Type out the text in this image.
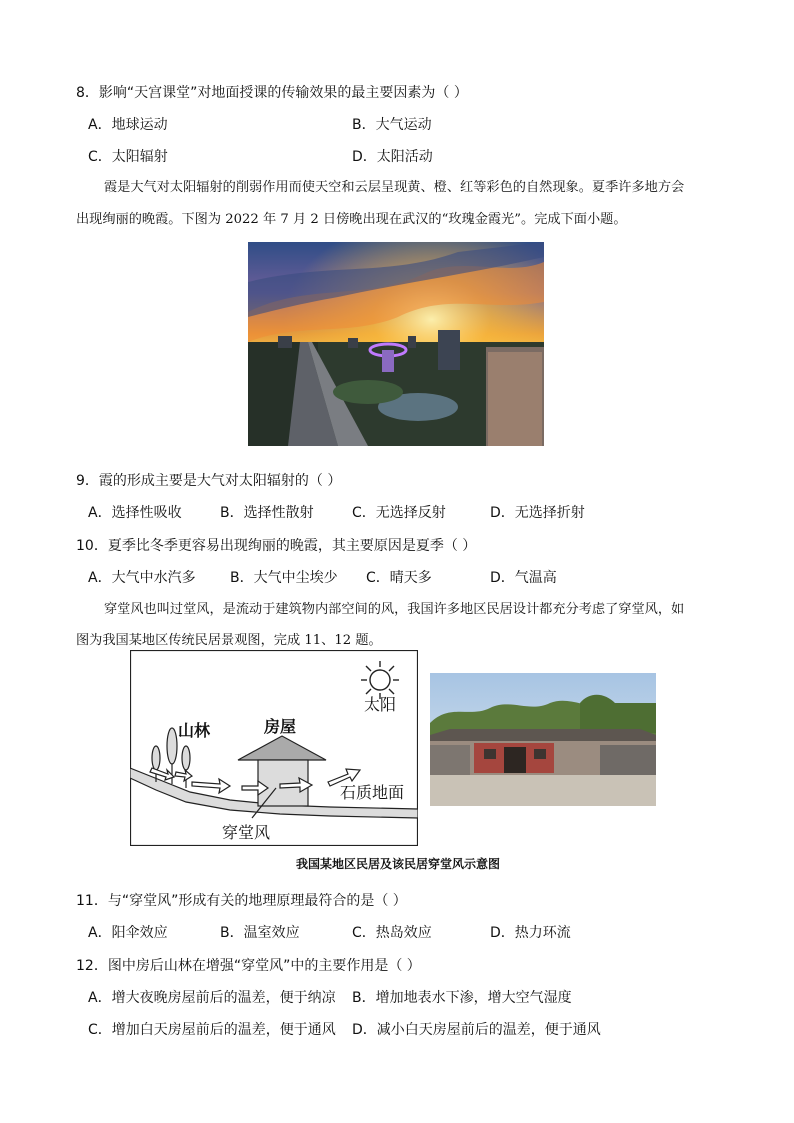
8．影响“天宫课堂”对地面授课的传输效果的最主要因素为（ ）
A．地球运动	B．大气运动
C．太阳辐射	D．太阳活动
霞是大气对太阳辐射的削弱作用而使天空和云层呈现黄、橙、红等彩色的自然现象。夏季许多地方会
出现绚丽的晚霞。下图为 2022 年 7 月 2 日傍晚出现在武汉的“玫瑰金霞光”。完成下面小题。
9．霞的形成主要是大气对太阳辐射的（ ）
A．选择性吸收	B．选择性散射	C．无选择反射	D．无选择折射
10．夏季比冬季更容易出现绚丽的晚霞，其主要原因是夏季（ ）
A．大气中水汽多 B．大气中尘埃少 C．晴天多	D．气温高
穿堂风也叫过堂风，是流动于建筑物内部空间的风，我国许多地区民居设计都充分考虑了穿堂风，如
图为我国某地区传统民居景观图，完成 11、12 题。
太阳
山林	房屋
石质地面
穿堂风
我国某地区民居及该民居穿堂风示意图
11．与“穿堂风”形成有关的地理原理最符合的是（ ）
A．阳伞效应	B．温室效应	C．热岛效应	D．热力环流
12．图中房后山林在增强“穿堂风”中的主要作用是（ ）
A．增大夜晚房屋前后的温差，便于纳凉 B．增加地表水下渗，增大空气湿度
C．增加白天房屋前后的温差，便于通风 D．减小白天房屋前后的温差，便于通风
